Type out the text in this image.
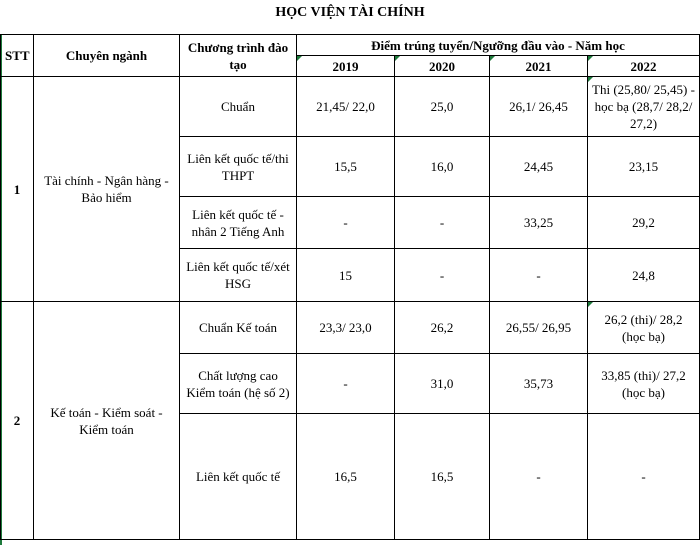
HỌC VIỆN TÀI CHÍNH
STT	Chuyên ngành	Chương trình đào tạo	Điểm trúng tuyển/Ngưỡng đầu vào - Năm học			
			2019	2020	2021	2022
1	Tài chính - Ngân hàng - Bảo hiểm	Chuẩn	21,45/ 22,0	25,0	26,1/ 26,45	Thi (25,80/ 25,45) - học bạ (28,7/ 28,2/ 27,2)
		Liên kết quốc tế/thi THPT	15,5	16,0	24,45	23,15
		Liên kết quốc tế - nhân 2 Tiếng Anh	-	-	33,25	29,2
		Liên kết quốc tế/xét HSG	15	-	-	24,8
2	Kế toán - Kiểm soát - Kiểm toán	Chuẩn Kế toán	23,3/ 23,0	26,2	26,55/ 26,95	26,2 (thi)/ 28,2 (học bạ)
		Chất lượng cao Kiểm toán (hệ số 2)	-	31,0	35,73	33,85 (thi)/ 27,2 (học bạ)
		Liên kết quốc tế	16,5	16,5	-	-
